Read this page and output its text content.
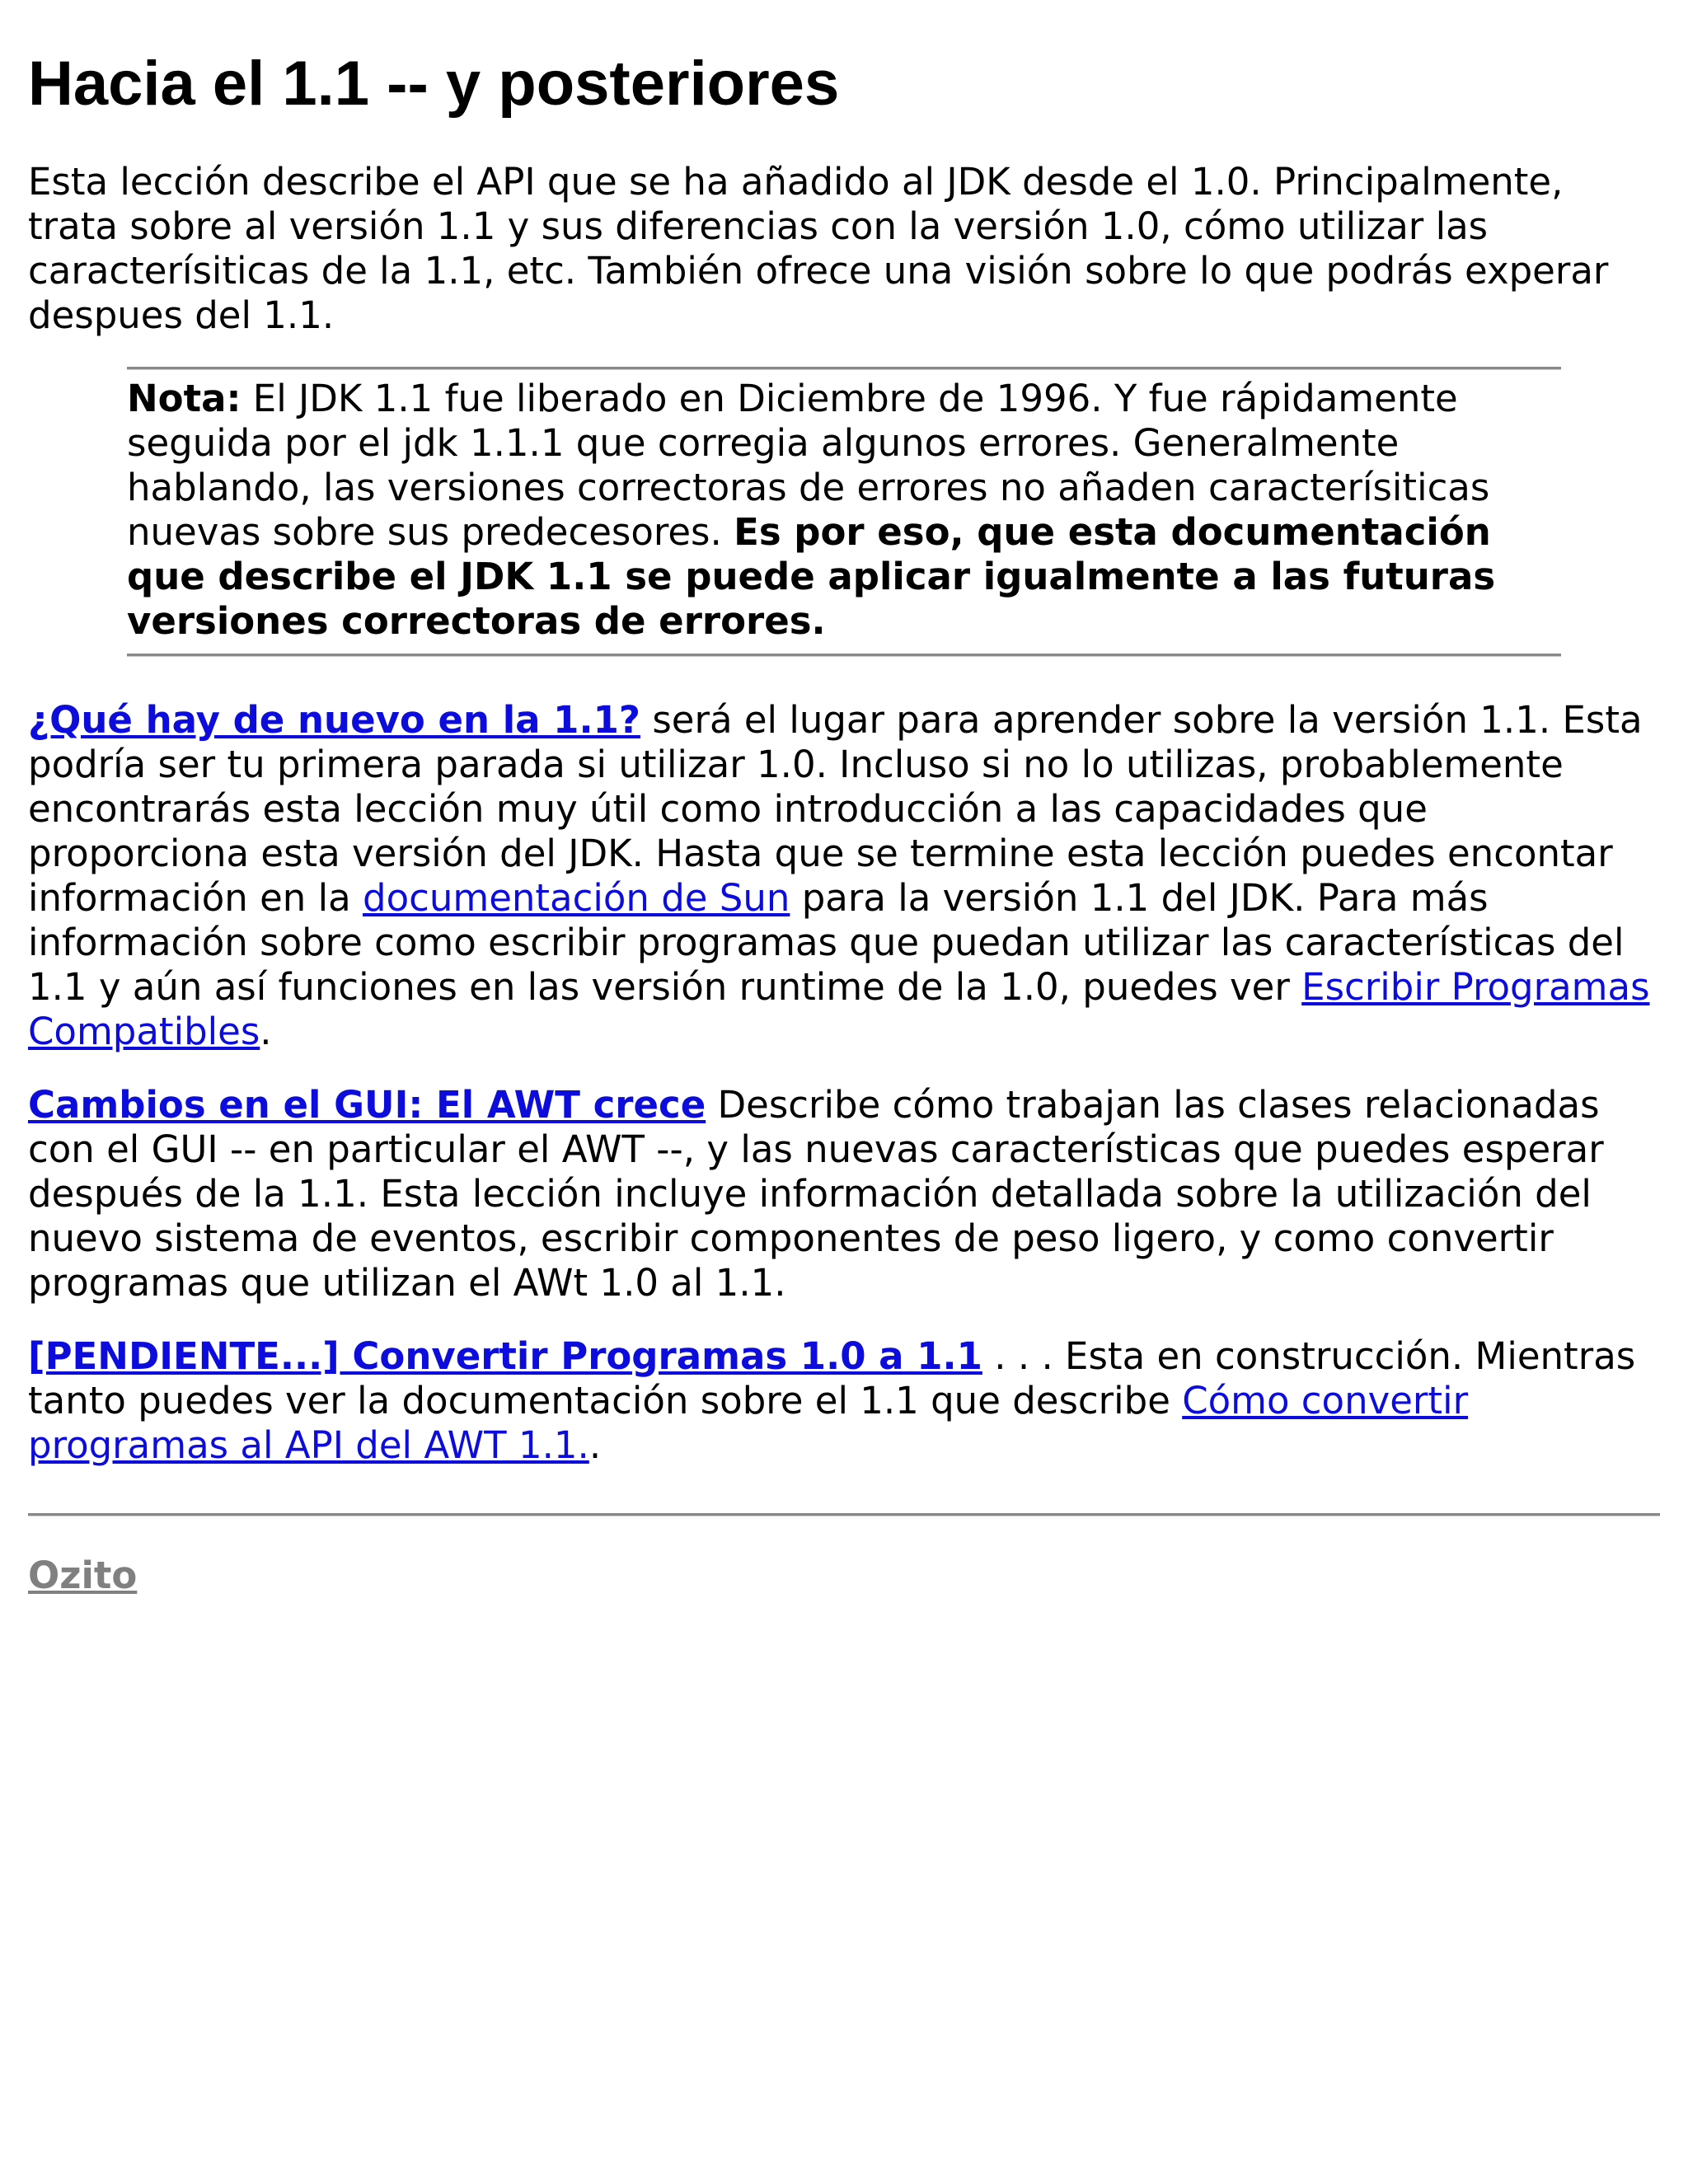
Hacia el 1.1 -- y posteriores

Esta lección describe el API que se ha añadido al JDK desde el 1.0. Principalmente, trata sobre al versión 1.1 y sus diferencias con la versión 1.0, cómo utilizar las caracterísiticas de la 1.1, etc. También ofrece una visión sobre lo que podrás experar despues del 1.1.

Nota: El JDK 1.1 fue liberado en Diciembre de 1996. Y fue rápidamente seguida por el jdk 1.1.1 que corregia algunos errores. Generalmente hablando, las versiones correctoras de errores no añaden caracterísiticas nuevas sobre sus predecesores. Es por eso, que esta documentación que describe el JDK 1.1 se puede aplicar igualmente a las futuras versiones correctoras de errores.

¿Qué hay de nuevo en la 1.1? será el lugar para aprender sobre la versión 1.1. Esta podría ser tu primera parada si utilizar 1.0. Incluso si no lo utilizas, probablemente encontrarás esta lección muy útil como introducción a las capacidades que proporciona esta versión del JDK. Hasta que se termine esta lección puedes encontar información en la documentación de Sun para la versión 1.1 del JDK. Para más información sobre como escribir programas que puedan utilizar las características del 1.1 y aún así funciones en las versión runtime de la 1.0, puedes ver Escribir Programas Compatibles.

Cambios en el GUI: El AWT crece Describe cómo trabajan las clases relacionadas con el GUI -- en particular el AWT --, y las nuevas características que puedes esperar después de la 1.1. Esta lección incluye información detallada sobre la utilización del nuevo sistema de eventos, escribir componentes de peso ligero, y como convertir programas que utilizan el AWt 1.0 al 1.1.

[PENDIENTE...] Convertir Programas 1.0 a 1.1 . . . Esta en construcción. Mientras tanto puedes ver la documentación sobre el 1.1 que describe Cómo convertir programas al API del AWT 1.1..

Ozito
